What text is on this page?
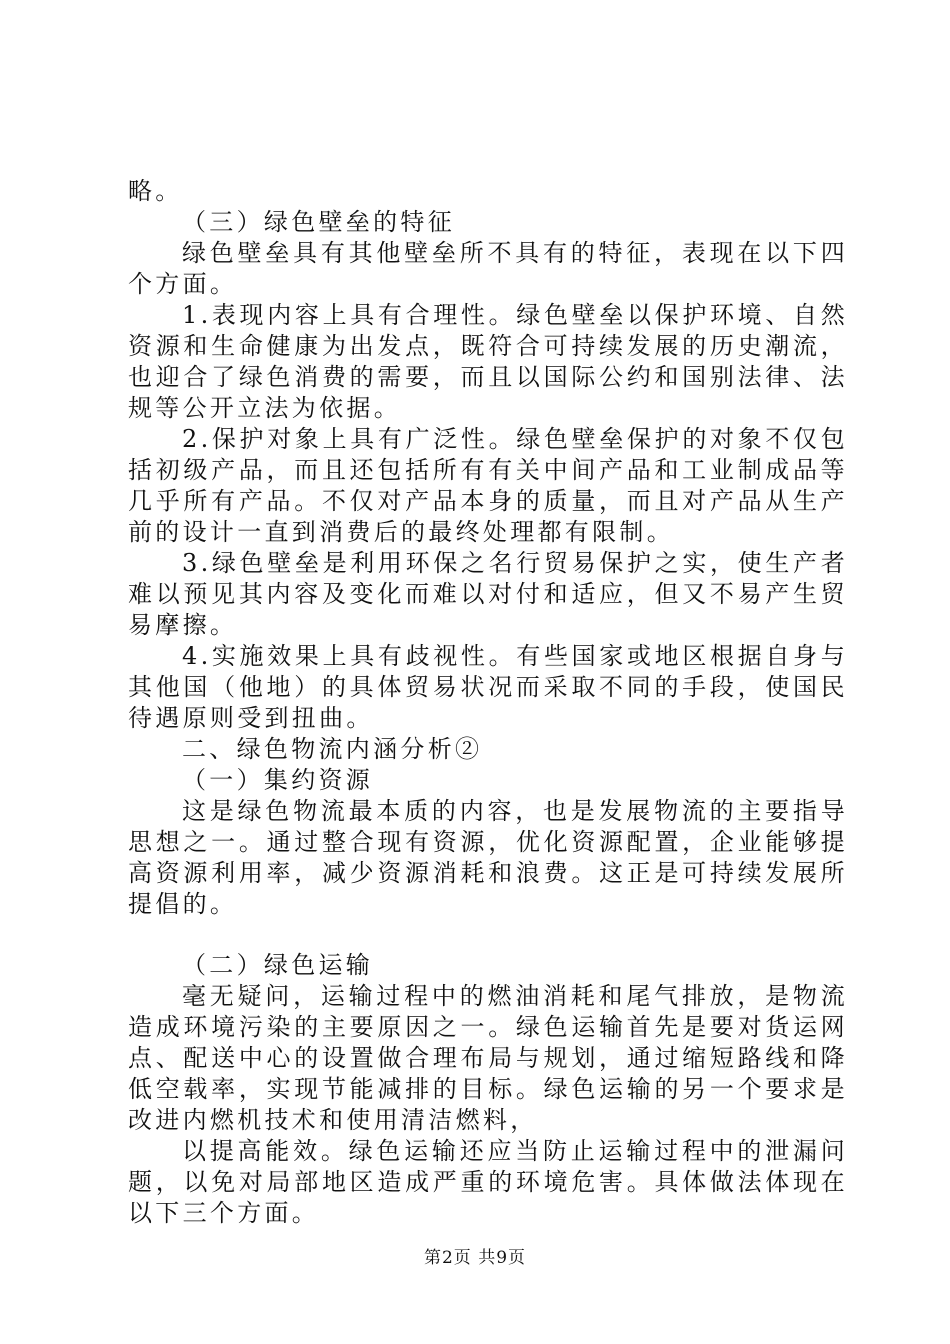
略。

（三）绿色壁垒的特征

绿色壁垒具有其他壁垒所不具有的特征，表现在以下四个方面。

1.表现内容上具有合理性。绿色壁垒以保护环境、自然资源和生命健康为出发点，既符合可持续发展的历史潮流，也迎合了绿色消费的需要，而且以国际公约和国别法律、法规等公开立法为依据。

2.保护对象上具有广泛性。绿色壁垒保护的对象不仅包括初级产品，而且还包括所有有关中间产品和工业制成品等几乎所有产品。不仅对产品本身的质量，而且对产品从生产前的设计一直到消费后的最终处理都有限制。

3.绿色壁垒是利用环保之名行贸易保护之实，使生产者难以预见其内容及变化而难以对付和适应，但又不易产生贸易摩擦。

4.实施效果上具有歧视性。有些国家或地区根据自身与其他国（他地）的具体贸易状况而采取不同的手段，使国民待遇原则受到扭曲。

二、绿色物流内涵分析②

（一）集约资源

这是绿色物流最本质的内容，也是发展物流的主要指导思想之一。通过整合现有资源，优化资源配置，企业能够提高资源利用率，减少资源消耗和浪费。这正是可持续发展所提倡的。

（二）绿色运输

毫无疑问，运输过程中的燃油消耗和尾气排放，是物流造成环境污染的主要原因之一。绿色运输首先是要对货运网点、配送中心的设置做合理布局与规划，通过缩短路线和降低空载率，实现节能减排的目标。绿色运输的另一个要求是改进内燃机技术和使用清洁燃料，

以提高能效。绿色运输还应当防止运输过程中的泄漏问题，以免对局部地区造成严重的环境危害。具体做法体现在以下三个方面。

第2页 共9页
